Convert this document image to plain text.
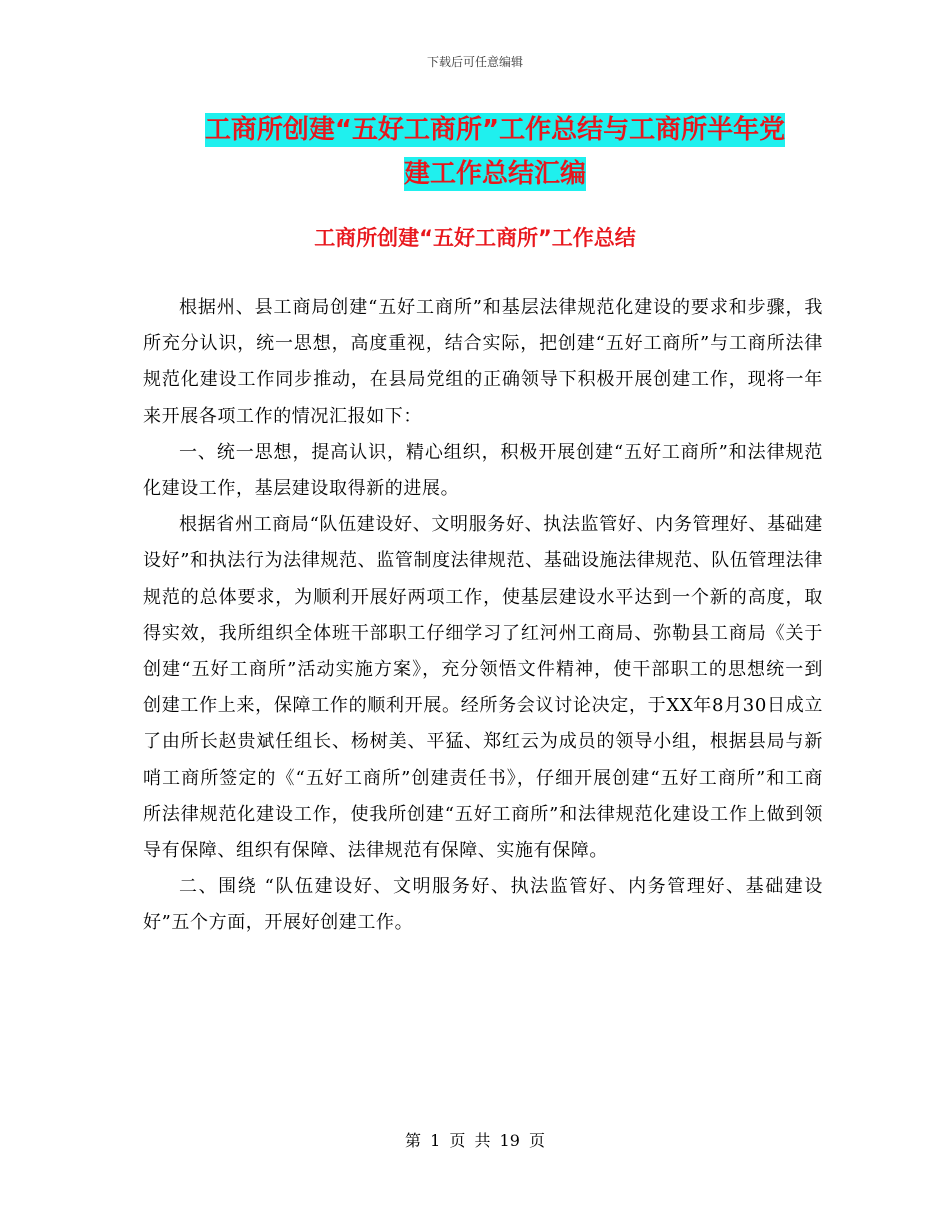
下载后可任意编辑
工商所创建“五好工商所”工作总结与工商所半年党
建工作总结汇编
工商所创建“五好工商所”工作总结

根据州、县工商局创建“五好工商所”和基层法律规范化建设的要求和步骤，我所充分认识，统一思想，高度重视，结合实际，把创建“五好工商所”与工商所法律规范化建设工作同步推动，在县局党组的正确领导下积极开展创建工作，现将一年来开展各项工作的情况汇报如下：

一、统一思想，提高认识，精心组织，积极开展创建“五好工商所”和法律规范化建设工作，基层建设取得新的进展。

根据省州工商局“队伍建设好、文明服务好、执法监管好、内务管理好、基础建设好”和执法行为法律规范、监管制度法律规范、基础设施法律规范、队伍管理法律规范的总体要求，为顺利开展好两项工作，使基层建设水平达到一个新的高度，取得实效，我所组织全体班干部职工仔细学习了红河州工商局、弥勒县工商局《关于创建“五好工商所”活动实施方案》，充分领悟文件精神，使干部职工的思想统一到创建工作上来，保障工作的顺利开展。经所务会议讨论决定，于XX年8月30日成立了由所长赵贵斌任组长、杨树美、平猛、郑红云为成员的领导小组，根据县局与新哨工商所签定的《“五好工商所”创建责任书》，仔细开展创建“五好工商所”和工商所法律规范化建设工作，使我所创建“五好工商所”和法律规范化建设工作上做到领导有保障、组织有保障、法律规范有保障、实施有保障。

二、围绕 “队伍建设好、文明服务好、执法监管好、内务管理好、基础建设好”五个方面，开展好创建工作。

第 1 页 共 19 页
